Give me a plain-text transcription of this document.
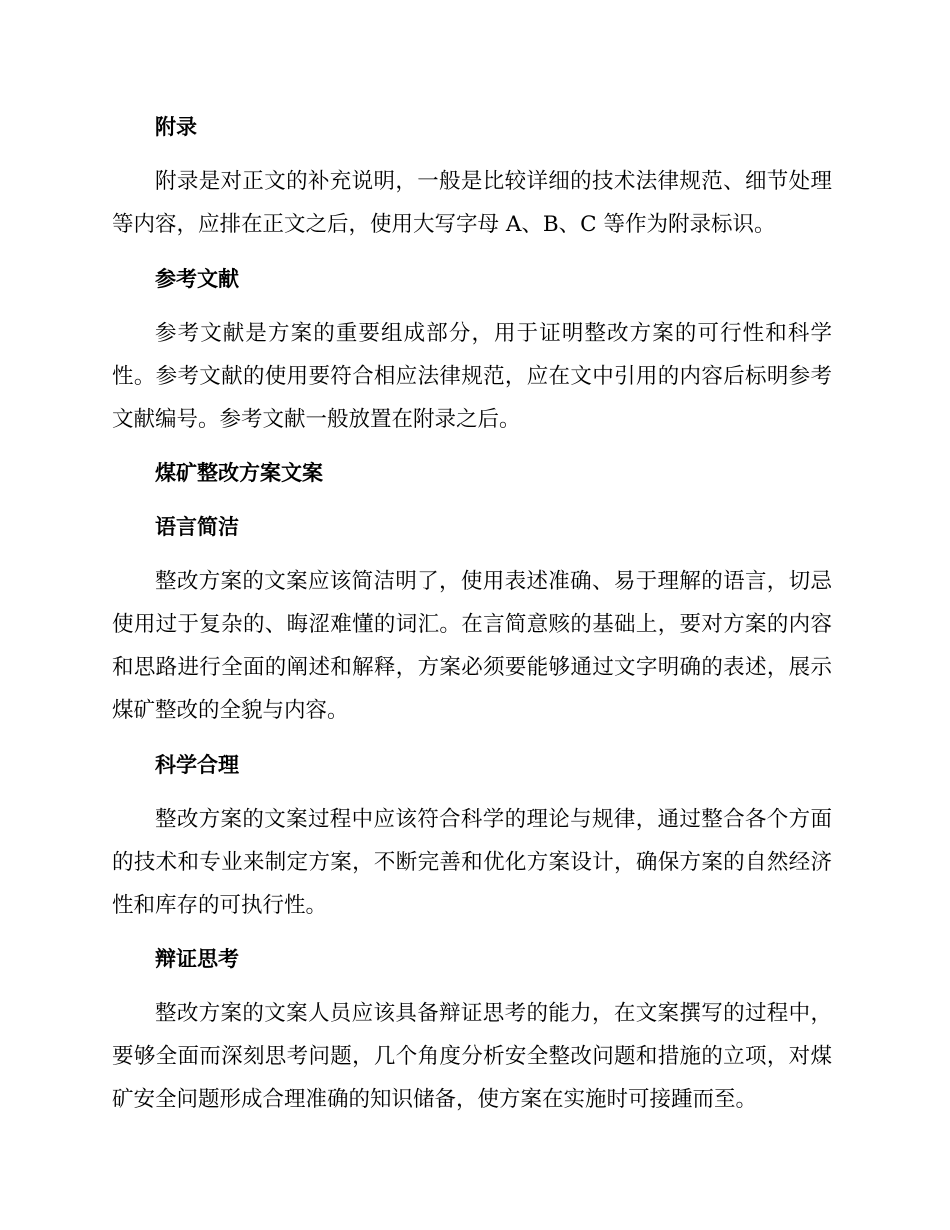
附录

附录是对正文的补充说明，一般是比较详细的技术法律规范、细节处理等内容，应排在正文之后，使用大写字母 A、B、C 等作为附录标识。

参考文献

参考文献是方案的重要组成部分，用于证明整改方案的可行性和科学性。参考文献的使用要符合相应法律规范，应在文中引用的内容后标明参考文献编号。参考文献一般放置在附录之后。

煤矿整改方案文案
语言简洁

整改方案的文案应该简洁明了，使用表述准确、易于理解的语言，切忌使用过于复杂的、晦涩难懂的词汇。在言简意赅的基础上，要对方案的内容和思路进行全面的阐述和解释，方案必须要能够通过文字明确的表述，展示煤矿整改的全貌与内容。

科学合理

整改方案的文案过程中应该符合科学的理论与规律，通过整合各个方面的技术和专业来制定方案，不断完善和优化方案设计，确保方案的自然经济性和库存的可执行性。

辩证思考

整改方案的文案人员应该具备辩证思考的能力，在文案撰写的过程中，要够全面而深刻思考问题，几个角度分析安全整改问题和措施的立项，对煤矿安全问题形成合理准确的知识储备，使方案在实施时可接踵而至。
